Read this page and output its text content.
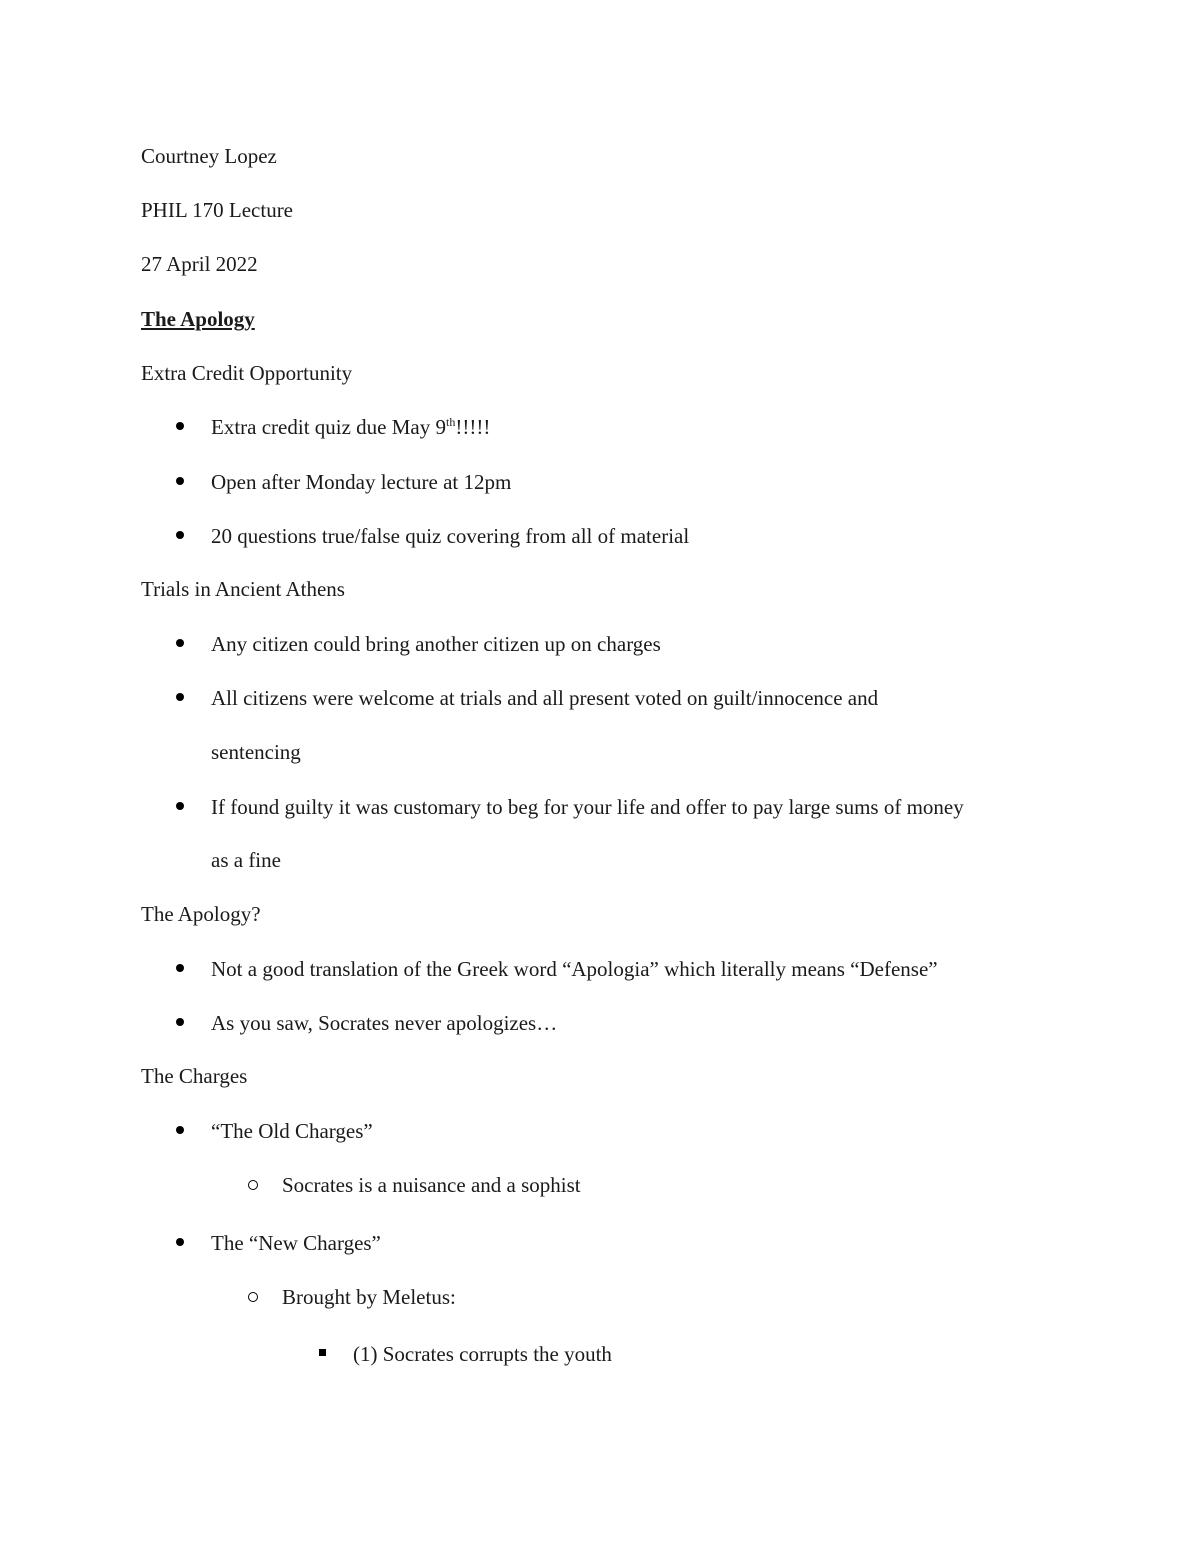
Courtney Lopez
PHIL 170 Lecture
27 April 2022
The Apology
Extra Credit Opportunity
Extra credit quiz due May 9th!!!!!
Open after Monday lecture at 12pm
20 questions true/false quiz covering from all of material
Trials in Ancient Athens
Any citizen could bring another citizen up on charges
All citizens were welcome at trials and all present voted on guilt/innocence and
sentencing
If found guilty it was customary to beg for your life and offer to pay large sums of money
as a fine
The Apology?
Not a good translation of the Greek word “Apologia” which literally means “Defense”
As you saw, Socrates never apologizes…
The Charges
“The Old Charges”
Socrates is a nuisance and a sophist
The “New Charges”
Brought by Meletus:
(1) Socrates corrupts the youth
